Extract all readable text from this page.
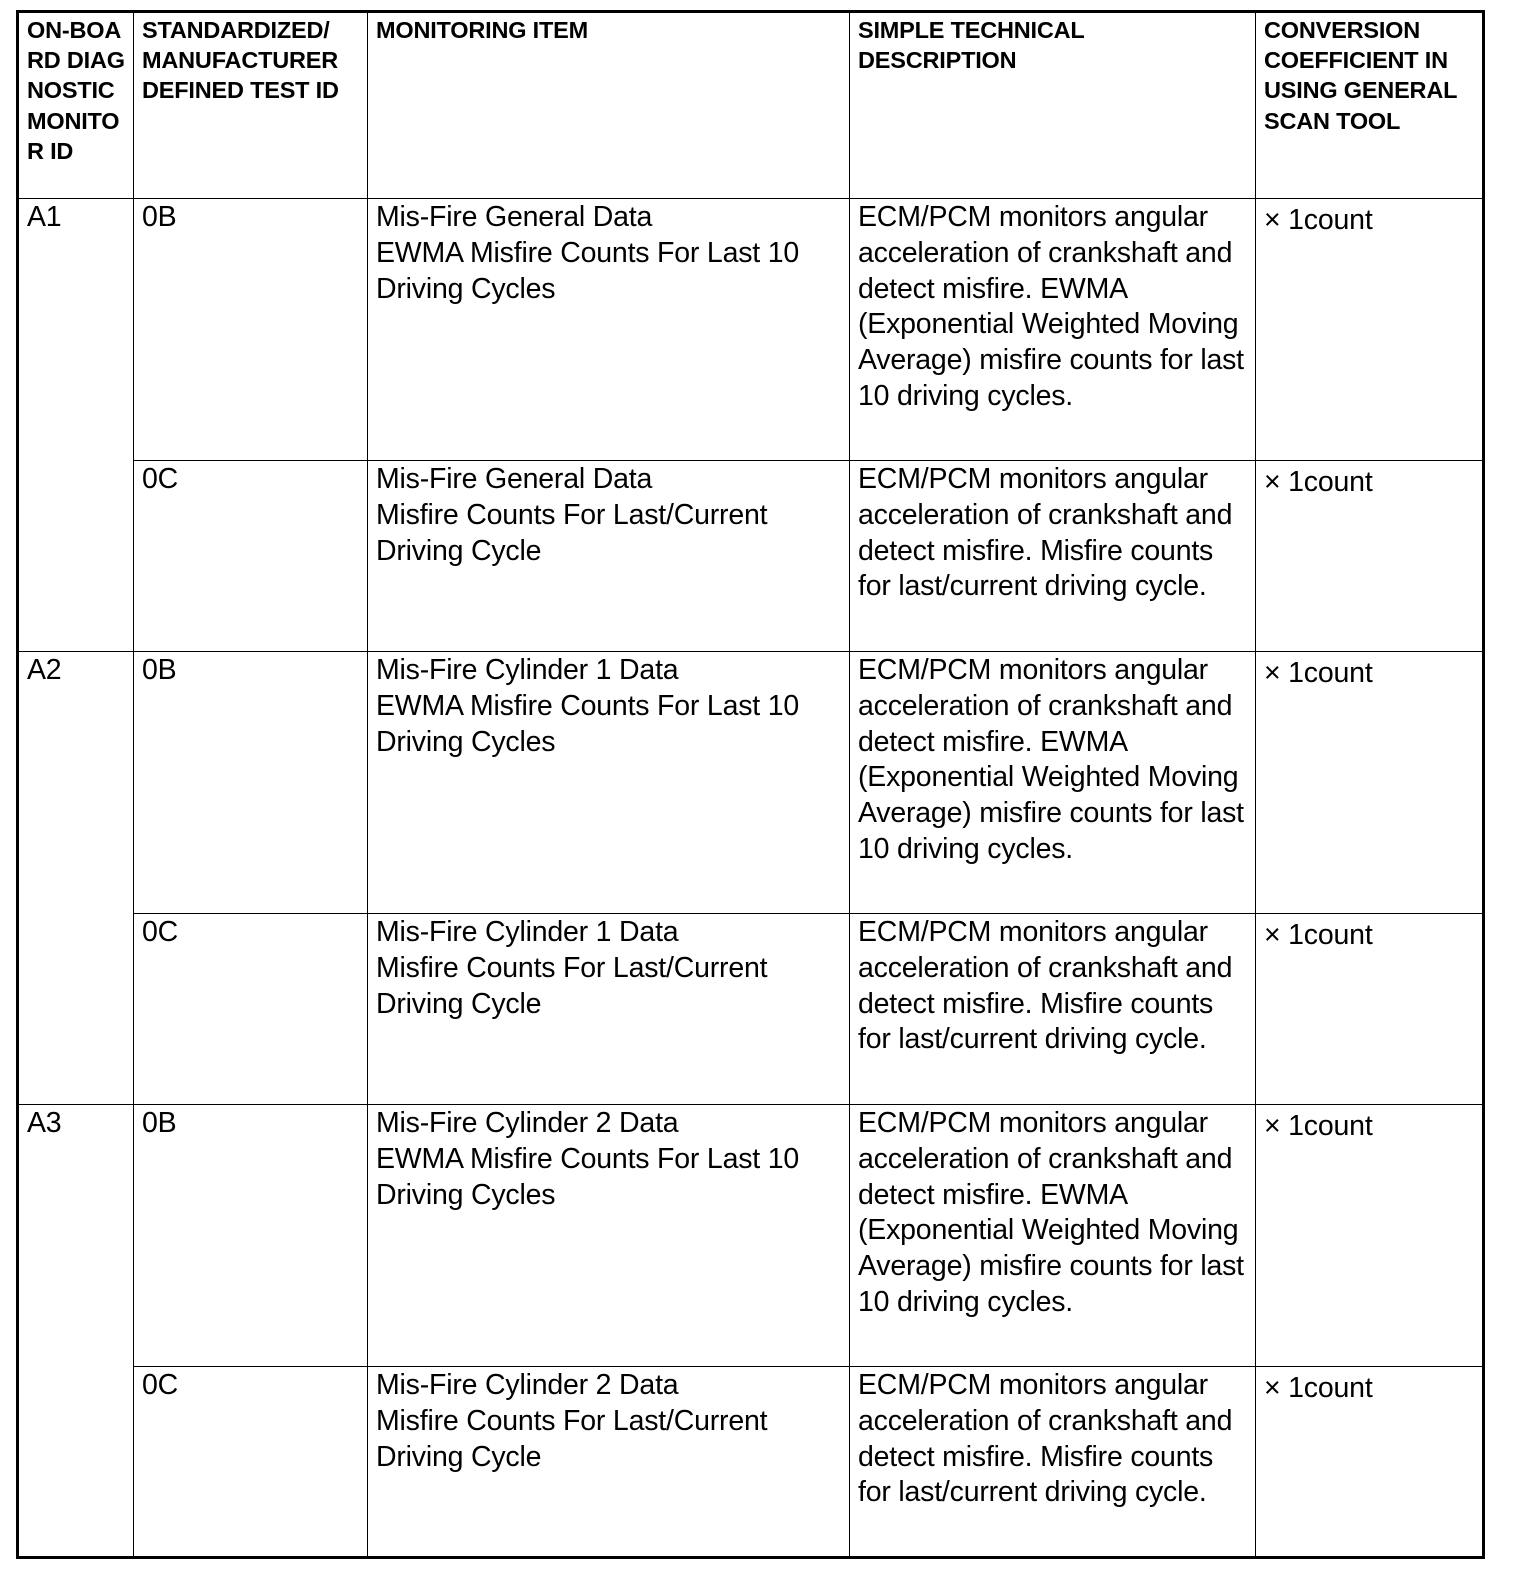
ON-BOARD DIAGNOSTIC MONITOR ID	STANDARDIZED/ MANUFACTURER DEFINED TEST ID	MONITORING ITEM	SIMPLE TECHNICAL DESCRIPTION	CONVERSION COEFFICIENT IN USING GENERAL SCAN TOOL
A1	0B	Mis-Fire General Data
EWMA Misfire Counts For Last 10 Driving Cycles	ECM/PCM monitors angular acceleration of crankshaft and detect misfire. EWMA (Exponential Weighted Moving Average) misfire counts for last 10 driving cycles.	× 1count

	0C	Mis-Fire General Data
Misfire Counts For Last/Current Driving Cycle	ECM/PCM monitors angular acceleration of crankshaft and detect misfire. Misfire counts for last/current driving cycle.	× 1count

A2	0B	Mis-Fire Cylinder 1 Data
EWMA Misfire Counts For Last 10 Driving Cycles	ECM/PCM monitors angular acceleration of crankshaft and detect misfire. EWMA (Exponential Weighted Moving Average) misfire counts for last 10 driving cycles.	× 1count

	0C	Mis-Fire Cylinder 1 Data
Misfire Counts For Last/Current Driving Cycle	ECM/PCM monitors angular acceleration of crankshaft and detect misfire. Misfire counts for last/current driving cycle.	× 1count

A3	0B	Mis-Fire Cylinder 2 Data
EWMA Misfire Counts For Last 10 Driving Cycles	ECM/PCM monitors angular acceleration of crankshaft and detect misfire. EWMA (Exponential Weighted Moving Average) misfire counts for last 10 driving cycles.	× 1count

	0C	Mis-Fire Cylinder 2 Data
Misfire Counts For Last/Current Driving Cycle	ECM/PCM monitors angular acceleration of crankshaft and detect misfire. Misfire counts for last/current driving cycle.	× 1count
